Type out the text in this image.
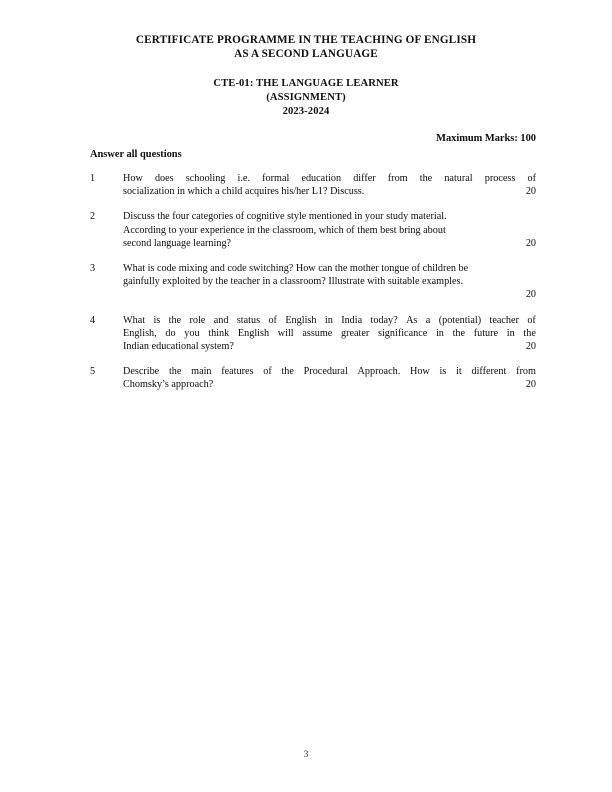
CERTIFICATE PROGRAMME IN THE TEACHING OF ENGLISH
AS A SECOND LANGUAGE
CTE-01: THE LANGUAGE LEARNER
(ASSIGNMENT)
2023-2024
Maximum Marks: 100
Answer all questions
1	How does schooling i.e. formal education differ from the natural process of
socialization in which a child acquires his/her L1? Discuss.	20
2	Discuss the four categories of cognitive style mentioned in your study material.
According to your experience in the classroom, which of them best bring about
second language learning?	20
3	What is code mixing and code switching? How can the mother tongue of children be
gainfully exploited by the teacher in a classroom? Illustrate with suitable examples.
20
4	What is the role and status of English in India today? As a (potential) teacher of
English, do you think English will assume greater significance in the future in the
Indian educational system?	20
5	Describe the main features of the Procedural Approach. How is it different from
Chomsky’s approach?	20
3
